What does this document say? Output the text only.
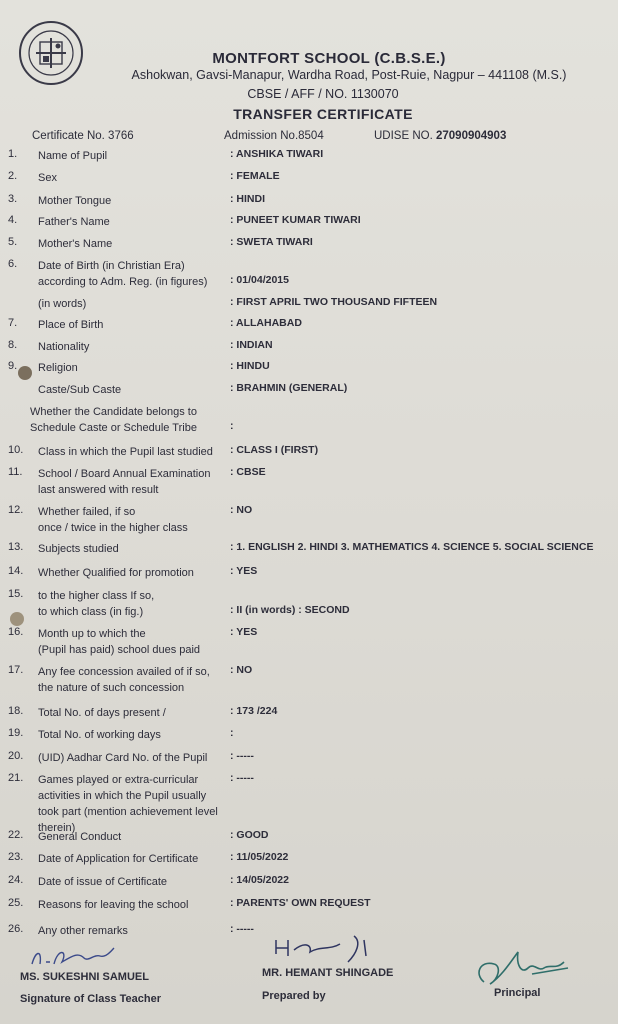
MONTFORT SCHOOL (C.B.S.E.)
Ashokwan, Gavsi-Manapur, Wardha Road, Post-Ruie, Nagpur – 441108 (M.S.)
CBSE / AFF / NO. 1130070
TRANSFER CERTIFICATE
Certificate No. 3766	Admission No.8504	UDISE NO. 27090904903
1. Name of Pupil	: ANSHIKA TIWARI
2. Sex	: FEMALE
3. Mother Tongue	: HINDI
4. Father's Name	: PUNEET KUMAR TIWARI
5. Mother's Name	: SWETA TIWARI
6. Date of Birth (in Christian Era)
according to Adm. Reg. (in figures)	: 01/04/2015
(in words)	: FIRST APRIL TWO THOUSAND FIFTEEN
7. Place of Birth	: ALLAHABAD
8. Nationality	: INDIAN
9. Religion	: HINDU
Caste/Sub Caste	: BRAHMIN (GENERAL)
Whether the Candidate belongs to
Schedule Caste or Schedule Tribe	:
10. Class in which the Pupil last studied	: CLASS I (FIRST)
11. School / Board Annual Examination
last answered with result
: CBSE
12. Whether failed, if so
once / twice in the higher class
: NO
13. Subjects studied	: 1. ENGLISH 2. HINDI 3. MATHEMATICS 4. SCIENCE 5. SOCIAL SCIENCE
14. Whether Qualified for promotion	: YES
15. to the higher class If so,
to which class (in fig.)	: II (in words) : SECOND
16. Month up to which the
(Pupil has paid) school dues paid
: YES
17. Any fee concession availed of if so,
the nature of such concession
: NO
18. Total No. of days present /	: 173 /224
19. Total No. of working days	:
20. (UID) Aadhar Card No. of the Pupil	: -----
21. Games played or extra-curricular
activities in which the Pupil usually
took part (mention achievement level therein)
: -----
22. General Conduct	: GOOD
23. Date of Application for Certificate	: 11/05/2022
24. Date of issue of Certificate	: 14/05/2022
25. Reasons for leaving the school	: PARENTS' OWN REQUEST
26. Any other remarks	: -----
MS. SUKESHNI SAMUEL
Signature of Class Teacher
MR. HEMANT SHINGADE
Prepared by	Principal
